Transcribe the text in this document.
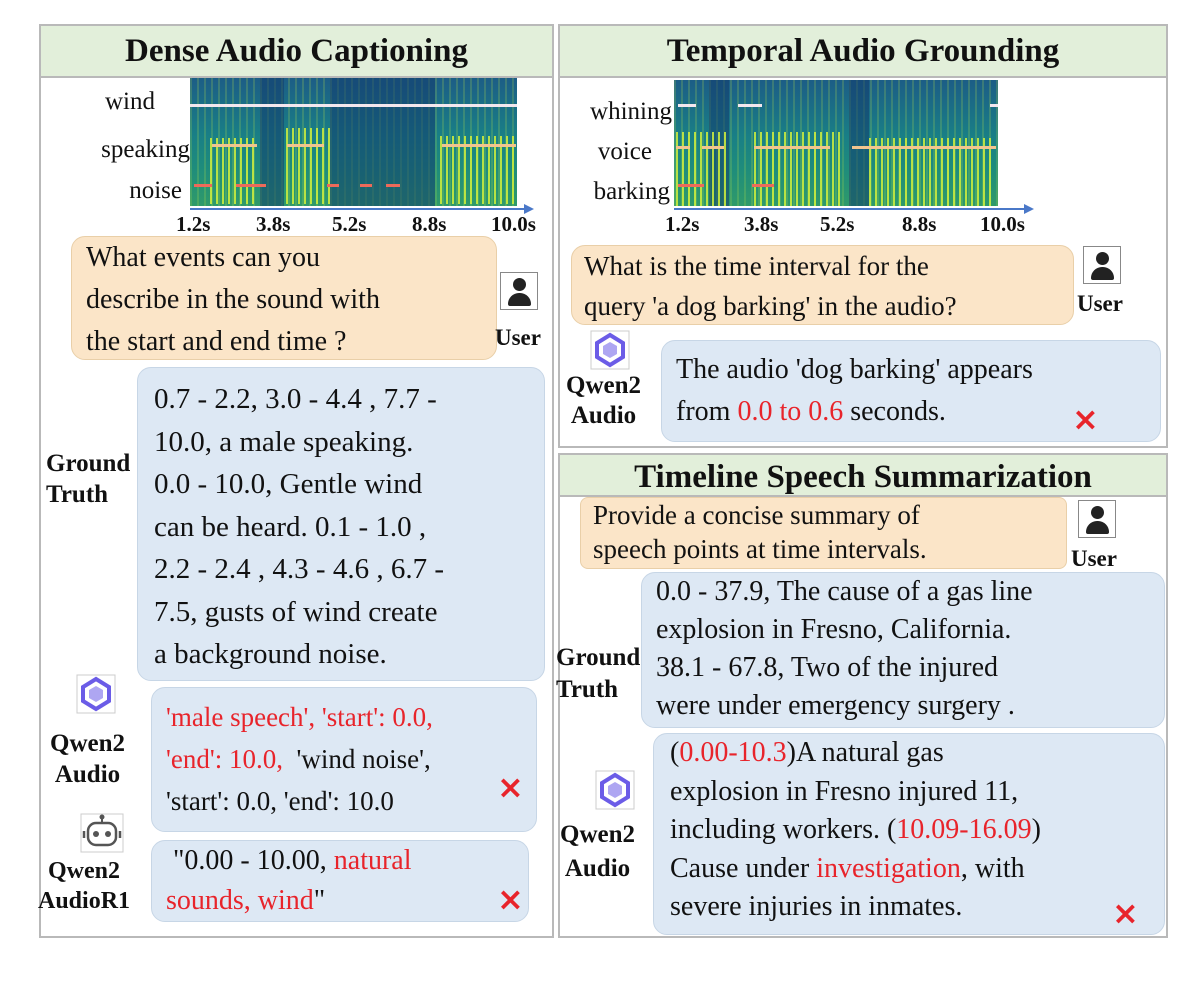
Dense Audio Captioning
wind
speaking
noise
1.2s 3.8s 5.2s 8.8s 10.0s
What events can you
describe in the sound with
the start and end time ?	User
Ground
Truth
0.7 - 2.2, 3.0 - 4.4 , 7.7 -
10.0, a male speaking.
0.0 - 10.0, Gentle wind
can be heard. 0.1 - 1.0 ,
2.2 - 2.4 , 4.3 - 4.6 , 6.7 -
7.5, gusts of wind create
a background noise.
Qwen2
Audio
'male speech', 'start': 0.0,
'end': 10.0,  'wind noise',
'start': 0.0, 'end': 10.0	×
Qwen2
AudioR1
"0.00 - 10.00, natural
sounds, wind"	×
Temporal Audio Grounding
whining
voice
barking
1.2s 3.8s 5.2s 8.8s 10.0s
What is the time interval for the
query 'a dog barking' in the audio?	User
Qwen2
Audio
The audio 'dog barking' appears
from 0.0 to 0.6 seconds.	×
Timeline Speech Summarization
Provide a concise summary of
speech points at time intervals.	User
Ground
Truth
0.0 - 37.9, The cause of a gas line
explosion in Fresno, California.
38.1 - 67.8, Two of the injured
were under emergency surgery .
Qwen2
Audio
(0.00-10.3)A natural gas
explosion in Fresno injured 11,
including workers. (10.09-16.09)
Cause under investigation, with
severe injuries in inmates.	×
